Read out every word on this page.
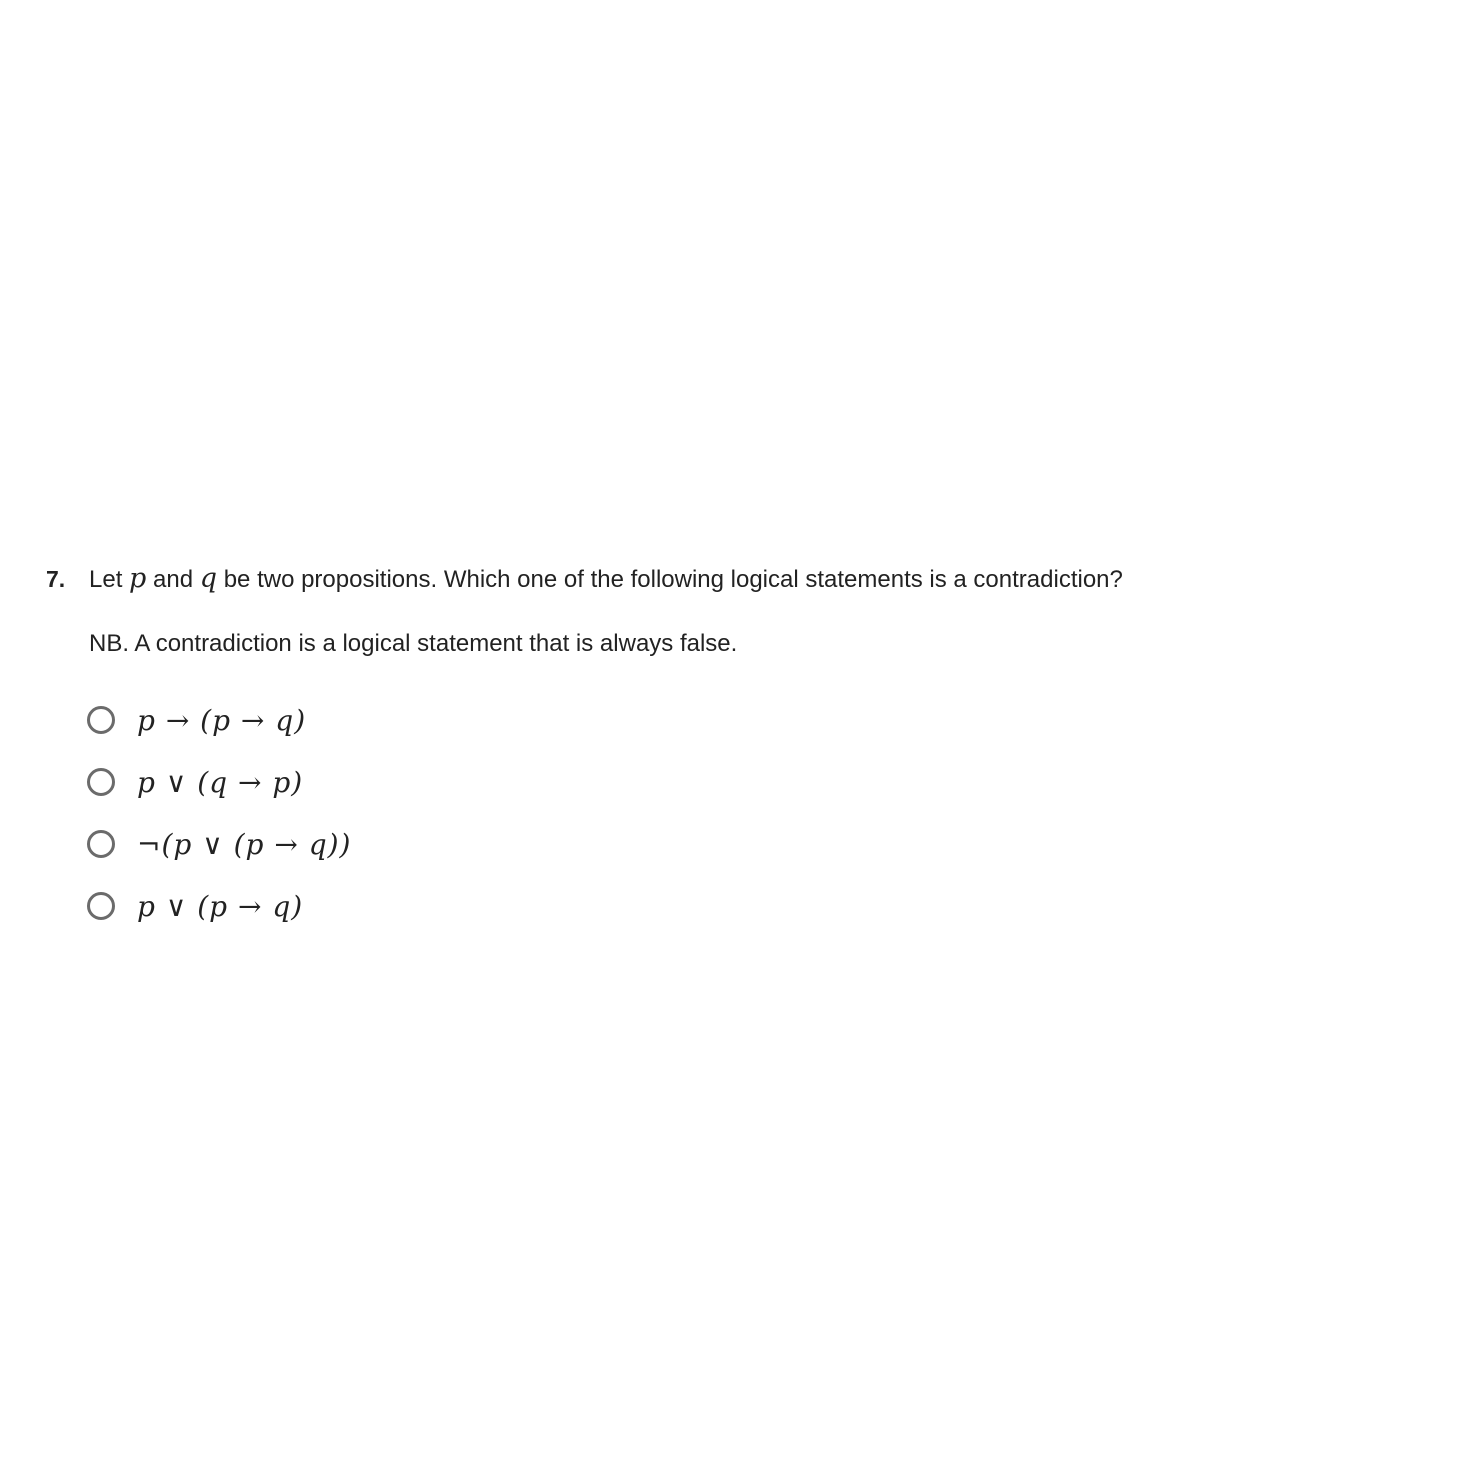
7. Let p and q be two propositions. Which one of the following logical statements is a contradiction?
NB. A contradiction is a logical statement that is always false.
p → (p → q)
p ∨ (q → p)
¬(p ∨ (p → q))
p ∨ (p → q)
